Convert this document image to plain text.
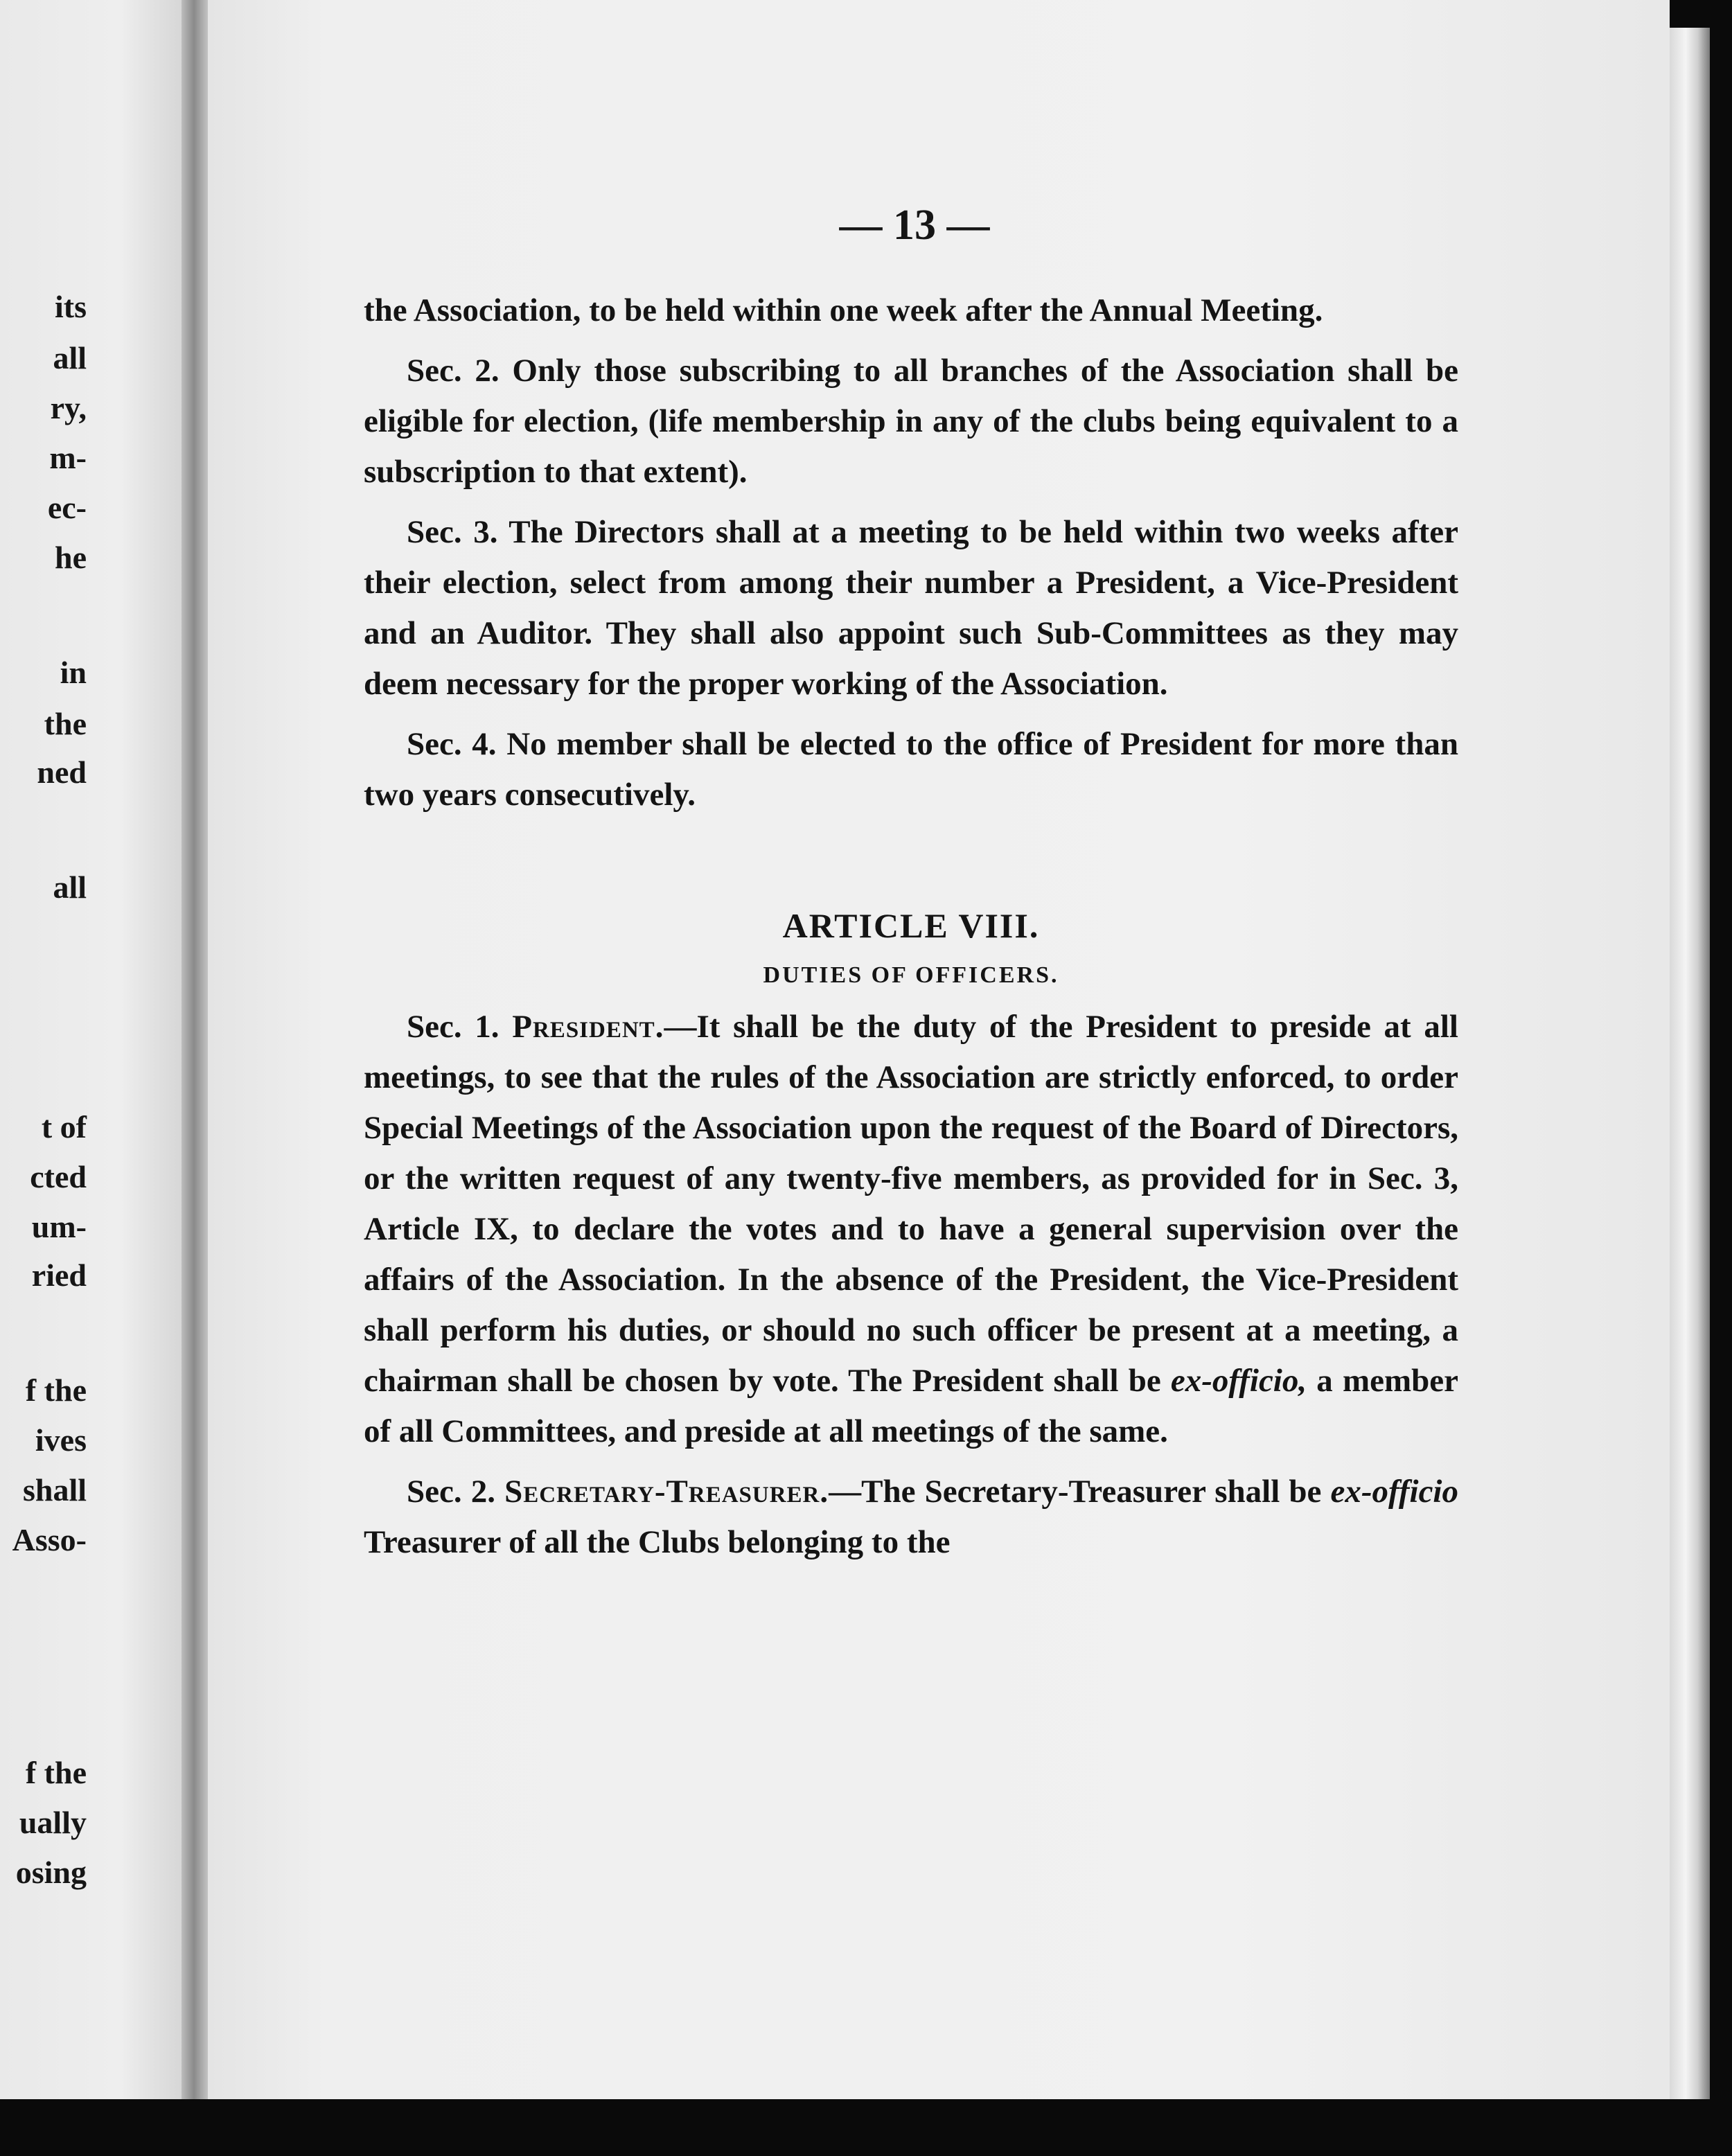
its
all
ry,
m-
ec-
he
in
the
ned
all
t of
cted
um-
ried
f the
ives
shall
Asso-
f the
ually
osing
— 13 —

the Association, to be held within one week after the Annual Meeting.

Sec. 2. Only those subscribing to all branches of the Association shall be eligible for election, (life membership in any of the clubs being equivalent to a subscription to that extent).

Sec. 3. The Directors shall at a meeting to be held within two weeks after their election, select from among their number a President, a Vice-President and an Auditor. They shall also appoint such Sub-Committees as they may deem necessary for the proper working of the Association.

Sec. 4. No member shall be elected to the office of President for more than two years consecutively.

ARTICLE VIII.

DUTIES OF OFFICERS.

Sec. 1. President.—It shall be the duty of the President to preside at all meetings, to see that the rules of the Association are strictly enforced, to order Special Meetings of the Association upon the request of the Board of Directors, or the written request of any twenty-five members, as provided for in Sec. 3, Article IX, to declare the votes and to have a general supervision over the affairs of the Association. In the absence of the President, the Vice-President shall perform his duties, or should no such officer be present at a meeting, a chairman shall be chosen by vote. The President shall be ex-officio, a member of all Committees, and preside at all meetings of the same.

Sec. 2. Secretary-Treasurer.—The Secretary-Treasurer shall be ex-officio Treasurer of all the Clubs belonging to the
